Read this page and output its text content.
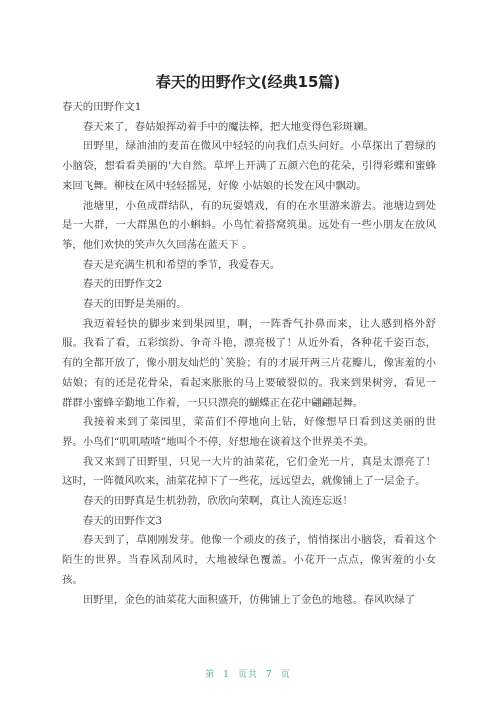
春天的田野作文(经典15篇)

春天的田野作文1

春天来了，春姑娘挥动着手中的魔法棒，把大地变得色彩斑斓。

田野里，绿油油的麦苗在微风中轻轻的向我们点头问好。小草探出了碧绿的小脑袋，想看看美丽的'大自然。草坪上开满了五颜六色的花朵，引得彩蝶和蜜蜂来回飞舞。柳枝在风中轻轻摇晃，好像 小姑娘的长发在风中飘动。

池塘里，小鱼成群结队，有的玩耍嬉戏，有的在水里游来游去。池塘边到处是一大群，一大群黑色的小蝌蚪。小鸟忙着搭窝筑巢。远处有一些小朋友在放风筝，他们欢快的笑声久久回荡在蓝天下 。

春天是充满生机和希望的季节，我爱春天。

春天的田野作文2

春天的田野是美丽的。

我迈着轻快的脚步来到果园里，啊，一阵香气扑鼻而来，让人感到格外舒服。我看了看，五彩缤纷、争奇斗艳，漂亮极了！从近外看，各种花千姿百态，有的全都开放了，像小朋友灿烂的`笑脸；有的才展开两三片花瓣儿，像害羞的小姑娘；有的还是花骨朵，看起来胀胀的马上要破裂似的。我来到果树旁，看见一群群小蜜蜂辛勤地工作着，一只只漂亮的蝴蝶正在花中翩翩起舞。

我接着来到了菜园里，菜苗们不停地向上钻，好像想早日看到这美丽的世界。小鸟们“叽叽喳喳”地叫个不停，好想地在谈着这个世界美不美。

我又来到了田野里，只见一大片的油菜花，它们金光一片，真是太漂亮了！这时，一阵微风吹来，油菜花掉下了一些花，远远望去，就像铺上了一层金子。

春天的田野真是生机勃勃，欣欣向荣啊，真让人流连忘返！

春天的田野作文3

春天到了，草刚刚发芽。他像一个顽皮的孩子，悄悄探出小脑袋，看着这个陌生的世界。当春风刮风时，大地被绿色覆盖。小花开一点点，像害羞的小女孩。

田野里，金色的油菜花大面积盛开，仿佛铺上了金色的地毯。春风吹绿了

第 1 页共 7 页
